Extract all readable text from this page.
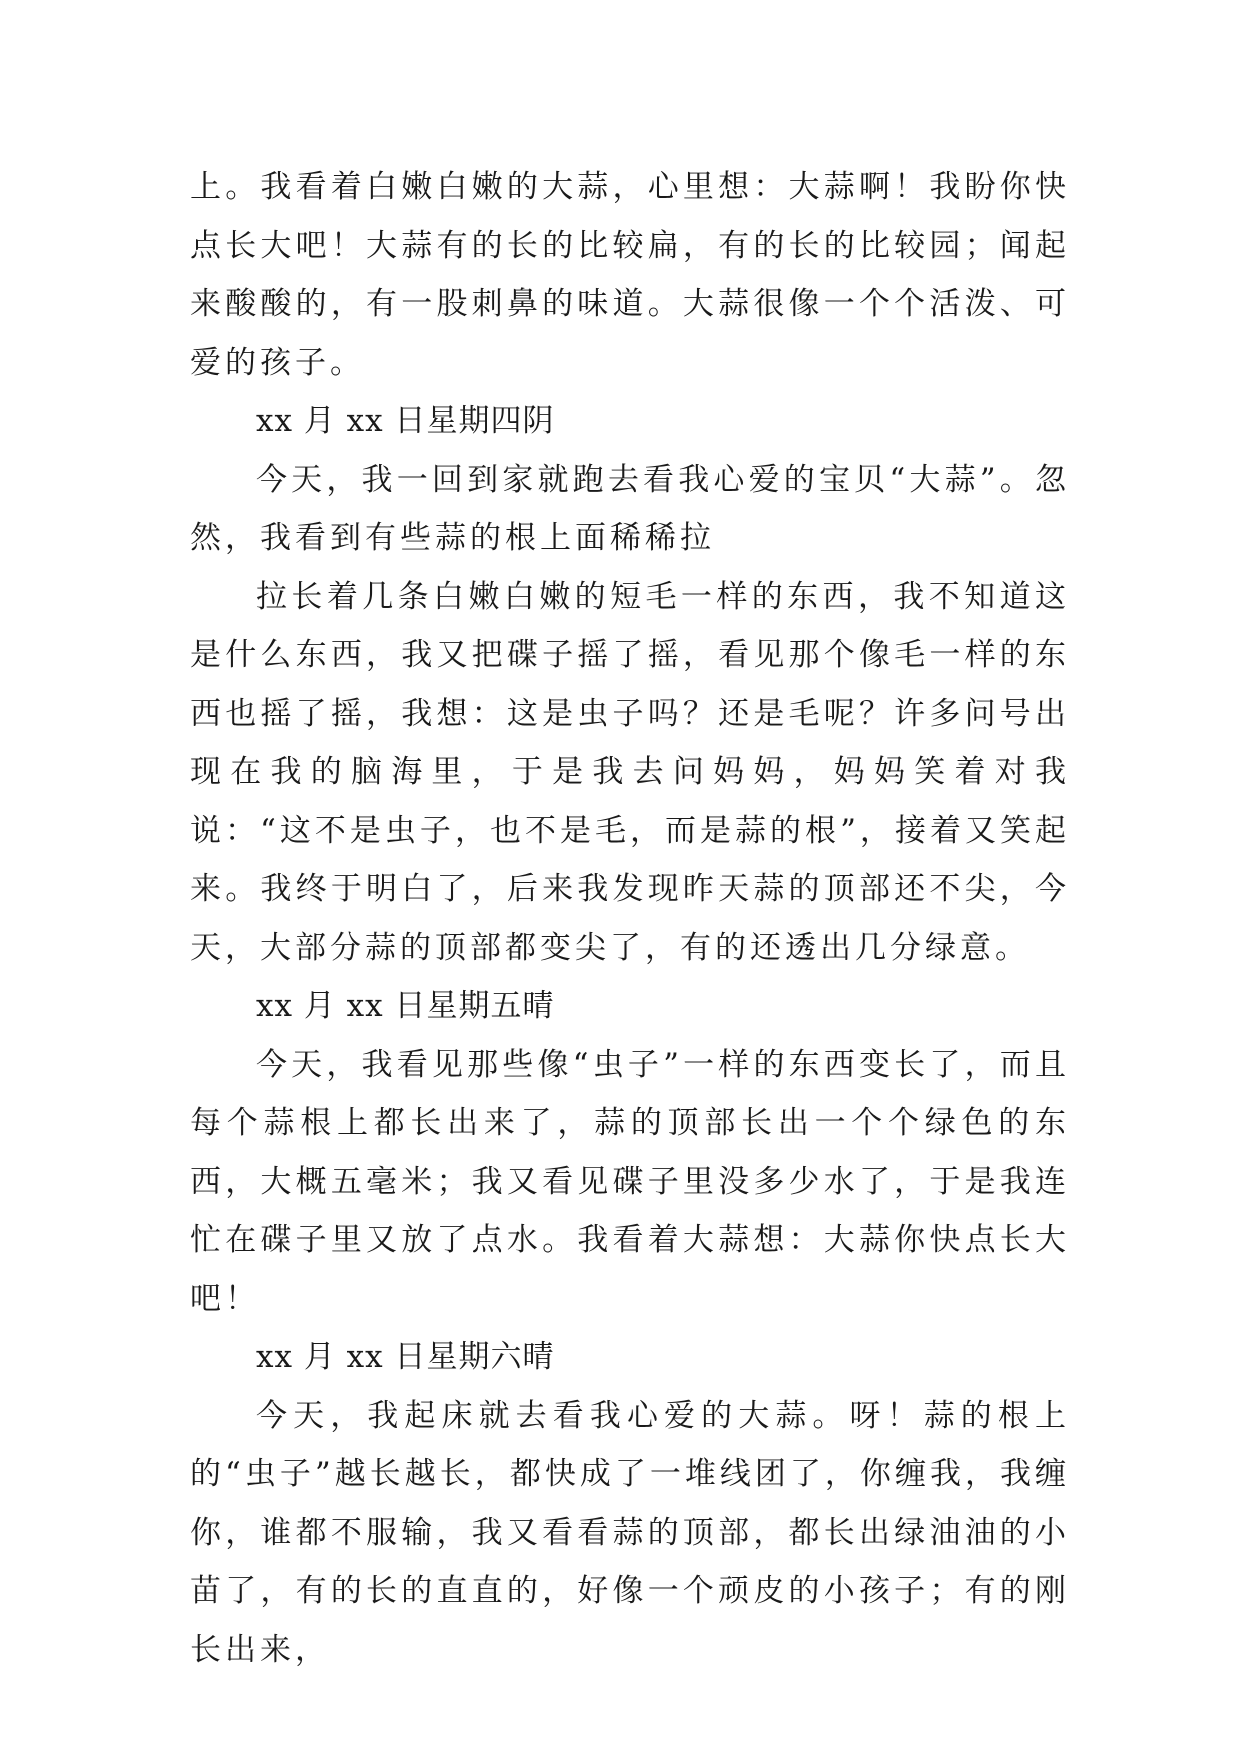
上。我看着白嫩白嫩的大蒜，心里想：大蒜啊！我盼你快点长大吧！大蒜有的长的比较扁，有的长的比较园；闻起来酸酸的，有一股刺鼻的味道。大蒜很像一个个活泼、可爱的孩子。

xx 月 xx 日星期四阴

今天，我一回到家就跑去看我心爱的宝贝“大蒜”。忽然，我看到有些蒜的根上面稀稀拉

拉长着几条白嫩白嫩的短毛一样的东西，我不知道这是什么东西，我又把碟子摇了摇，看见那个像毛一样的东西也摇了摇，我想：这是虫子吗？还是毛呢？许多问号出现在我的脑海里，于是我去问妈妈，妈妈笑着对我说：“这不是虫子，也不是毛，而是蒜的根”，接着又笑起来。我终于明白了，后来我发现昨天蒜的顶部还不尖，今天，大部分蒜的顶部都变尖了，有的还透出几分绿意。

xx 月 xx 日星期五晴

今天，我看见那些像“虫子”一样的东西变长了，而且每个蒜根上都长出来了，蒜的顶部长出一个个绿色的东西，大概五毫米；我又看见碟子里没多少水了，于是我连忙在碟子里又放了点水。我看着大蒜想：大蒜你快点长大吧！

xx 月 xx 日星期六晴

今天，我起床就去看我心爱的大蒜。呀！蒜的根上的“虫子”越长越长，都快成了一堆线团了，你缠我，我缠你，谁都不服输，我又看看蒜的顶部，都长出绿油油的小苗了，有的长的直直的，好像一个顽皮的小孩子；有的刚长出来，
